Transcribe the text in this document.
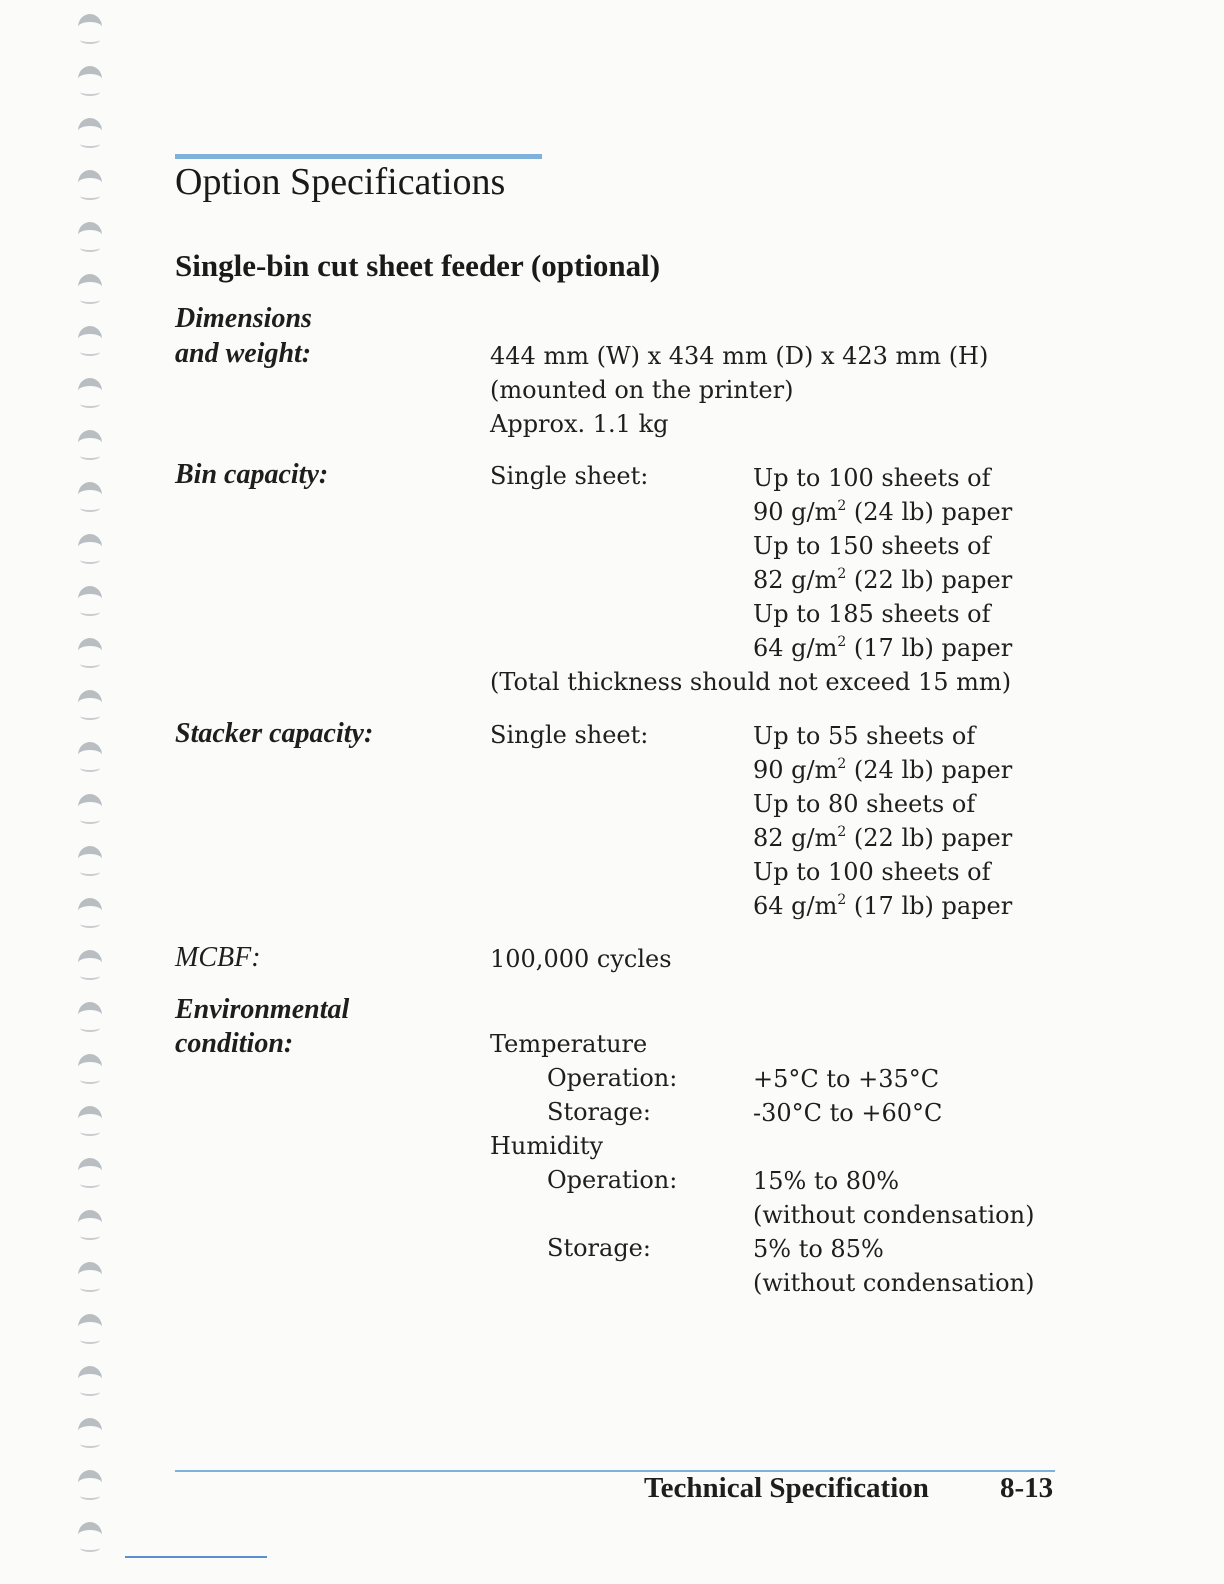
Option Specifications
Single-bin cut sheet feeder (optional)
Dimensions
and weight:	444 mm (W) x 434 mm (D) x 423 mm (H)
(mounted on the printer)
Approx. 1.1 kg
Bin capacity:	Single sheet:	Up to 100 sheets of
90 $g/m^2$ (24 lb) paper
Up to 150 sheets of
82 $g/m^2$ (22 lb) paper
Up to 185 sheets of
64 $g/m^2$ (17 lb) paper
(Total thickness should not exceed 15 mm)
Stacker capacity:	Single sheet:	Up to 55 sheets of
90 $g/m^2$ (24 lb) paper
Up to 80 sheets of
82 $g/m^2$ (22 lb) paper
Up to 100 sheets of
64 $g/m^2$ (17 lb) paper
MCBF:	100,000 cycles
Environmental
condition:	Temperature
Operation:	+5°C to +35°C
Storage:	-30°C to +60°C
Humidity
Operation:	15% to 80%
(without condensation)
Storage:	5% to 85%
(without condensation)
Technical Specification 8-13
